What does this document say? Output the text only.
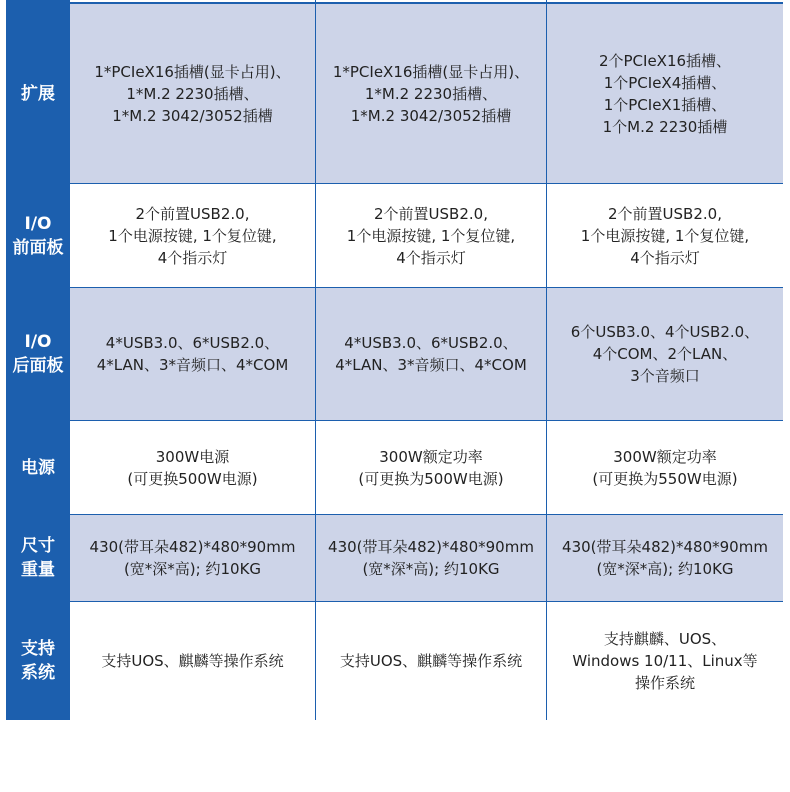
扩展
1*PCIeX16插槽(显卡占用)、
1*M.2 2230插槽、
1*M.2 3042/3052插槽
1*PCIeX16插槽(显卡占用)、
1*M.2 2230插槽、
1*M.2 3042/3052插槽
2个PCIeX16插槽、
1个PCIeX4插槽、
1个PCIeX1插槽、
1个M.2 2230插槽
I/O
前面板
2个前置USB2.0,
1个电源按键, 1个复位键,
4个指示灯
2个前置USB2.0,
1个电源按键, 1个复位键,
4个指示灯
2个前置USB2.0,
1个电源按键, 1个复位键,
4个指示灯
I/O
后面板
4*USB3.0、6*USB2.0、
4*LAN、3*音频口、4*COM
4*USB3.0、6*USB2.0、
4*LAN、3*音频口、4*COM
6个USB3.0、4个USB2.0、
4个COM、2个LAN、
3个音频口
电源
300W电源
(可更换500W电源)
300W额定功率
(可更换为500W电源)
300W额定功率
(可更换为550W电源)
尺寸
重量
430(带耳朵482)*480*90mm
(宽*深*高); 约10KG
430(带耳朵482)*480*90mm
(宽*深*高); 约10KG
430(带耳朵482)*480*90mm
(宽*深*高); 约10KG
支持
系统
支持UOS、麒麟等操作系统	支持UOS、麒麟等操作系统
支持麒麟、UOS、
Windows 10/11、Linux等
操作系统
